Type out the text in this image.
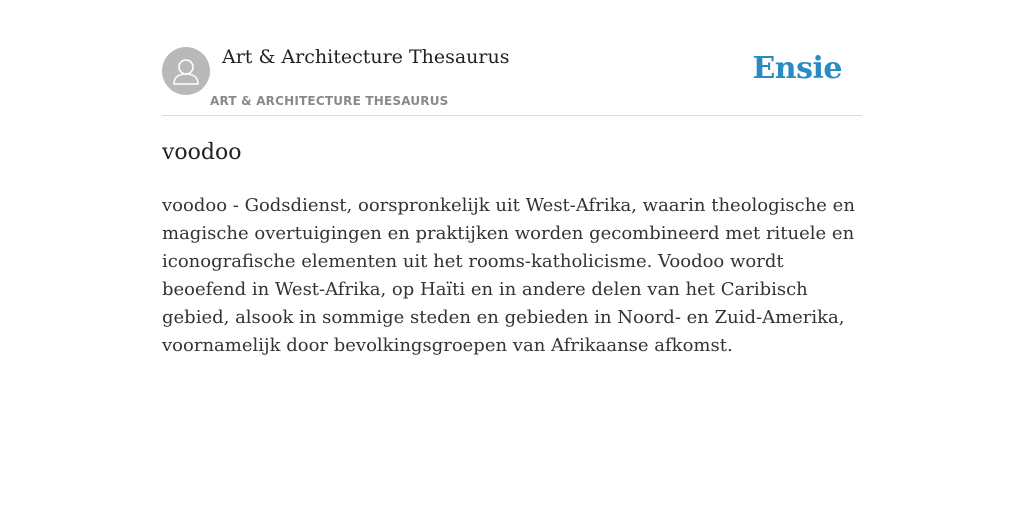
Art & Architecture Thesaurus
ART & ARCHITECTURE THESAURUS
Ensie
voodoo

voodoo - Godsdienst, oorspronkelijk uit West-Afrika, waarin theologische en magische overtuigingen en praktijken worden gecombineerd met rituele en iconografische elementen uit het rooms-katholicisme. Voodoo wordt beoefend in West-Afrika, op Haïti en in andere delen van het Caribisch gebied, alsook in sommige steden en gebieden in Noord- en Zuid-Amerika, voornamelijk door bevolkingsgroepen van Afrikaanse afkomst.
